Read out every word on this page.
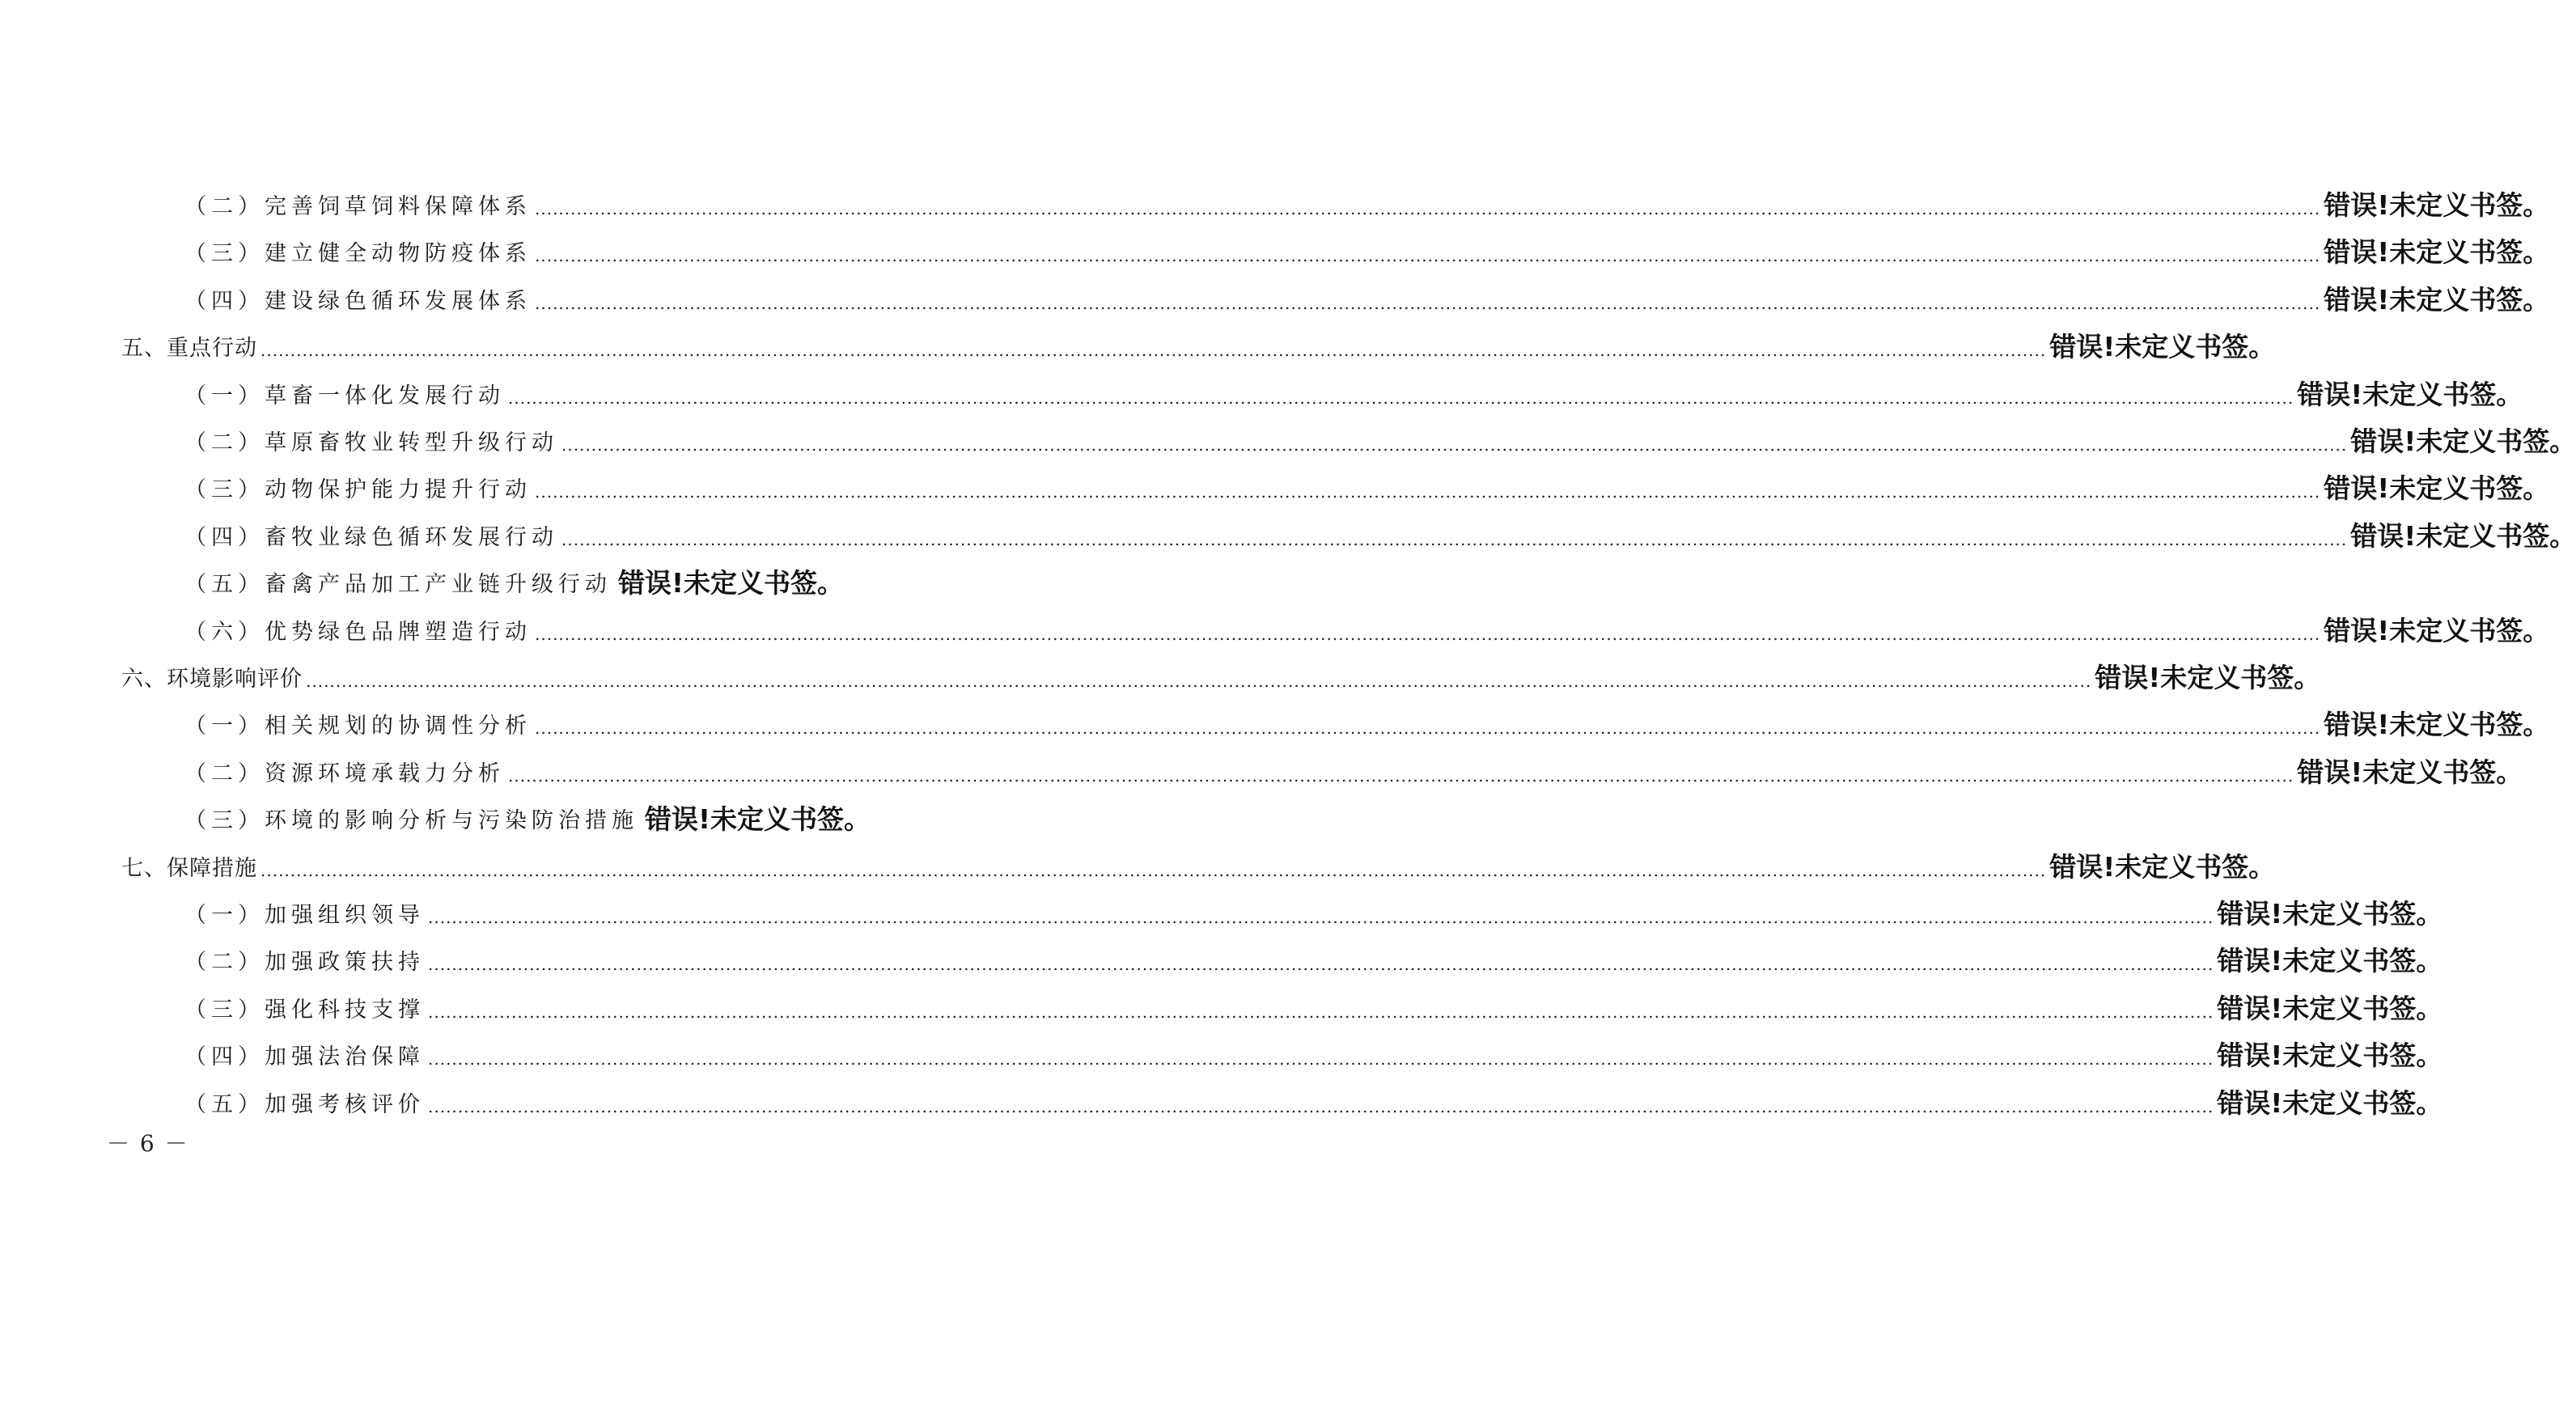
（二）完善饲草饲料保障体系 ............................................................................................................................................................................................................................................................................................................ 错误!未定义书签。
（三）建立健全动物防疫体系 ............................................................................................................................................................................................................................................................................................................ 错误!未定义书签。
（四）建设绿色循环发展体系 ............................................................................................................................................................................................................................................................................................................ 错误!未定义书签。
五、重点行动 ............................................................................................................................................................................................................................................................................................................ 错误!未定义书签。
（一）草畜一体化发展行动 ............................................................................................................................................................................................................................................................................................................ 错误!未定义书签。
（二）草原畜牧业转型升级行动 ............................................................................................................................................................................................................................................................................................................ 错误!未定义书签。
（三）动物保护能力提升行动 ............................................................................................................................................................................................................................................................................................................ 错误!未定义书签。
（四）畜牧业绿色循环发展行动 ............................................................................................................................................................................................................................................................................................................ 错误!未定义书签。
（五）畜禽产品加工产业链升级行动 错误!未定义书签。
（六）优势绿色品牌塑造行动 ............................................................................................................................................................................................................................................................................................................ 错误!未定义书签。
六、环境影响评价 ............................................................................................................................................................................................................................................................................................................ 错误!未定义书签。
（一）相关规划的协调性分析 ............................................................................................................................................................................................................................................................................................................ 错误!未定义书签。
（二）资源环境承载力分析 ............................................................................................................................................................................................................................................................................................................ 错误!未定义书签。
（三）环境的影响分析与污染防治措施 错误!未定义书签。
七、保障措施 ............................................................................................................................................................................................................................................................................................................ 错误!未定义书签。
（一）加强组织领导 ............................................................................................................................................................................................................................................................................................................ 错误!未定义书签。
（二）加强政策扶持 ............................................................................................................................................................................................................................................................................................................ 错误!未定义书签。
（三）强化科技支撑 ............................................................................................................................................................................................................................................................................................................ 错误!未定义书签。
（四）加强法治保障 ............................................................................................................................................................................................................................................................................................................ 错误!未定义书签。
（五）加强考核评价 ............................................................................................................................................................................................................................................................................................................ 错误!未定义书签。
－ 6 －
